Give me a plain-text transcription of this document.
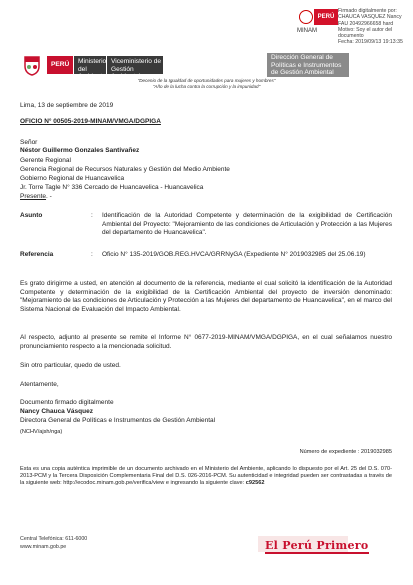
PERÚ
MINAM
Firmado digitalmente por:
CHAUCA VASQUEZ Nancy
FAU 20492966658 hard
Motivo: Soy el autor del
documento
Fecha: 2019/09/13 19:13:35
PERÚ	Ministerio
del Ambiente
Viceministerio de
Gestión Ambiental
Dirección General de
Políticas e Instrumentos
de Gestión Ambiental
"Decenio de la Igualdad de oportunidades para mujeres y hombres"
"Año de la lucha contra la corrupción y la impunidad"
Lima, 13 de septiembre de 2019
OFICIO N° 00505-2019-MINAM/VMGA/DGPIGA
Señor
Néstor Guillermo Gonzales Santivañez
Gerente Regional
Gerencia Regional de Recursos Naturales y Gestión del Medio Ambiente
Gobierno Regional de Huancavelica
Jr. Torre Tagle N° 336 Cercado de Huancavelica - Huancavelica
Presente. -
Asunto	: Identificación de la Autoridad Competente y determinación de la exigibilidad de Certificación Ambiental del Proyecto: "Mejoramiento de las condiciones de Articulación y Protección a las Mujeres del departamento de Huancavelica".
Referencia	: Oficio N° 135-2019/GOB.REG.HVCA/GRRNyGA (Expediente N° 2019032985 del 25.06.19)
Es grato dirigirme a usted, en atención al documento de la referencia, mediante el cual solicitó la identificación de la Autoridad Competente y determinación de la exigibilidad de la Certificación Ambiental del proyecto de inversión denominado: "Mejoramiento de las condiciones de Articulación y Protección a las Mujeres del departamento de Huancavelica", en el marco del Sistema Nacional de Evaluación del Impacto Ambiental.
Al respecto, adjunto al presente se remite el Informe N° 0677-2019-MINAM/VMGA/DGPIGA, en el cual señalamos nuestro pronunciamiento respecto a la mencionada solicitud.
Sin otro particular, quedo de usted.
Atentamente,
Documento firmado digitalmente
Nancy Chauca Vásquez
Directora General de Políticas e Instrumentos de Gestión Ambiental
(NCHV/ajsh/nga)
Número de expediente : 2019032985
Esta es una copia auténtica imprimible de un documento archivado en el Ministerio del Ambiente, aplicando lo dispuesto por el Art. 25 del D.S. 070-2013-PCM y la Tercera Disposición Complementaria Final del D.S. 026-2016-PCM. Su autenticidad e integridad pueden ser contrastadas a través de la siguiente web: http://ecodoc.minam.gob.pe/verifica/view e ingresando la siguiente clave: c92562
Central Telefónica: 611-6000
www.minam.gob.pe	El Perú Primero
